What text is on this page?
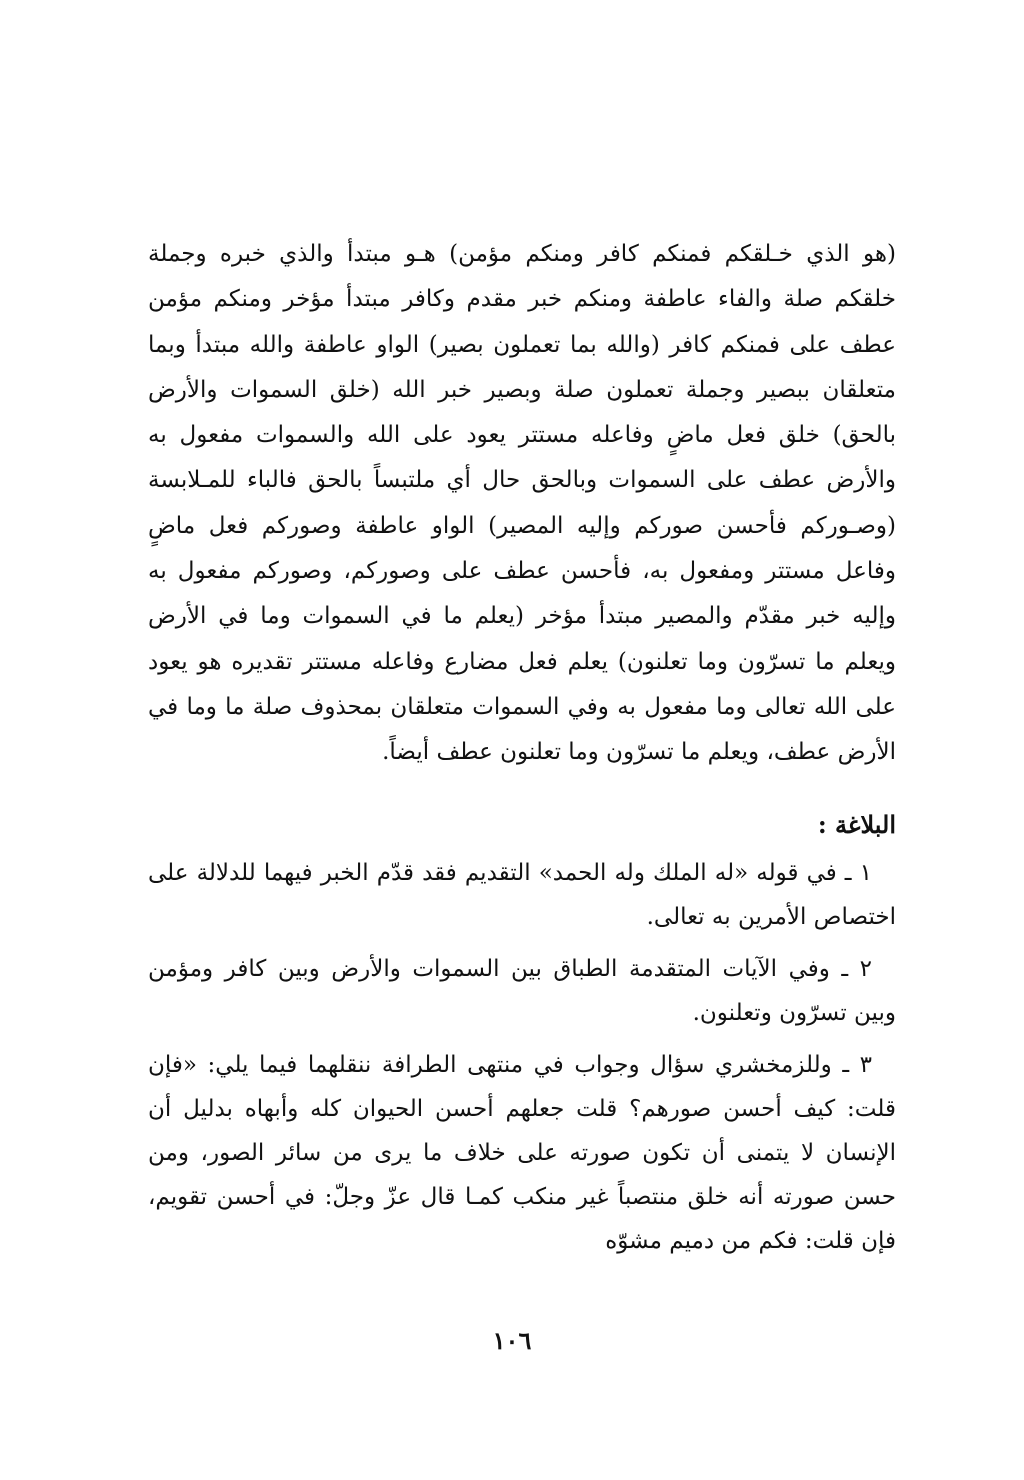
(هو الذي خـلقكم فمنكم كافر ومنكم مؤمن) هـو مبتدأ والذي خبره وجملة خلقكم صلة والفاء عاطفة ومنكم خبر مقدم وكافر مبتدأ مؤخر ومنكم مؤمن عطف على فمنكم كافر (والله بما تعملون بصير) الواو عاطفة والله مبتدأ وبما متعلقان ببصير وجملة تعملون صلة وبصير خبر الله (خلق السموات والأرض بالحق) خلق فعل ماضٍ وفاعله مستتر يعود على الله والسموات مفعول به والأرض عطف على السموات وبالحق حال أي ملتبساً بالحق فالباء للمـلابسة (وصـوركم فأحسن صوركم وإليه المصير) الواو عاطفة وصوركم فعل ماضٍ وفاعل مستتر ومفعول به، فأحسن عطف على وصوركم، وصوركم مفعول به وإليه خبر مقدّم والمصير مبتدأ مؤخر (يعلم ما في السموات وما في الأرض ويعلم ما تسرّون وما تعلنون) يعلم فعل مضارع وفاعله مستتر تقديره هو يعود على الله تعالى وما مفعول به وفي السموات متعلقان بمحذوف صلة ما وما في الأرض عطف، ويعلم ما تسرّون وما تعلنون عطف أيضاً.

البلاغة :

١ ـ في قوله «له الملك وله الحمد» التقديم فقد قدّم الخبر فيهما للدلالة على اختصاص الأمرين به تعالى.

٢ ـ وفي الآيات المتقدمة الطباق بين السموات والأرض وبين كافر ومؤمن وبين تسرّون وتعلنون.

٣ ـ وللزمخشري سؤال وجواب في منتهى الطرافة ننقلهما فيما يلي: «فإن قلت: كيف أحسن صورهم؟ قلت جعلهم أحسن الحيوان كله وأبهاه بدليل أن الإنسان لا يتمنى أن تكون صورته على خلاف ما يرى من سائر الصور، ومن حسن صورته أنه خلق منتصباً غير منكب كمـا قال عزّ وجلّ: في أحسن تقويم، فإن قلت: فكم من دميم مشوّه

١٠٦
